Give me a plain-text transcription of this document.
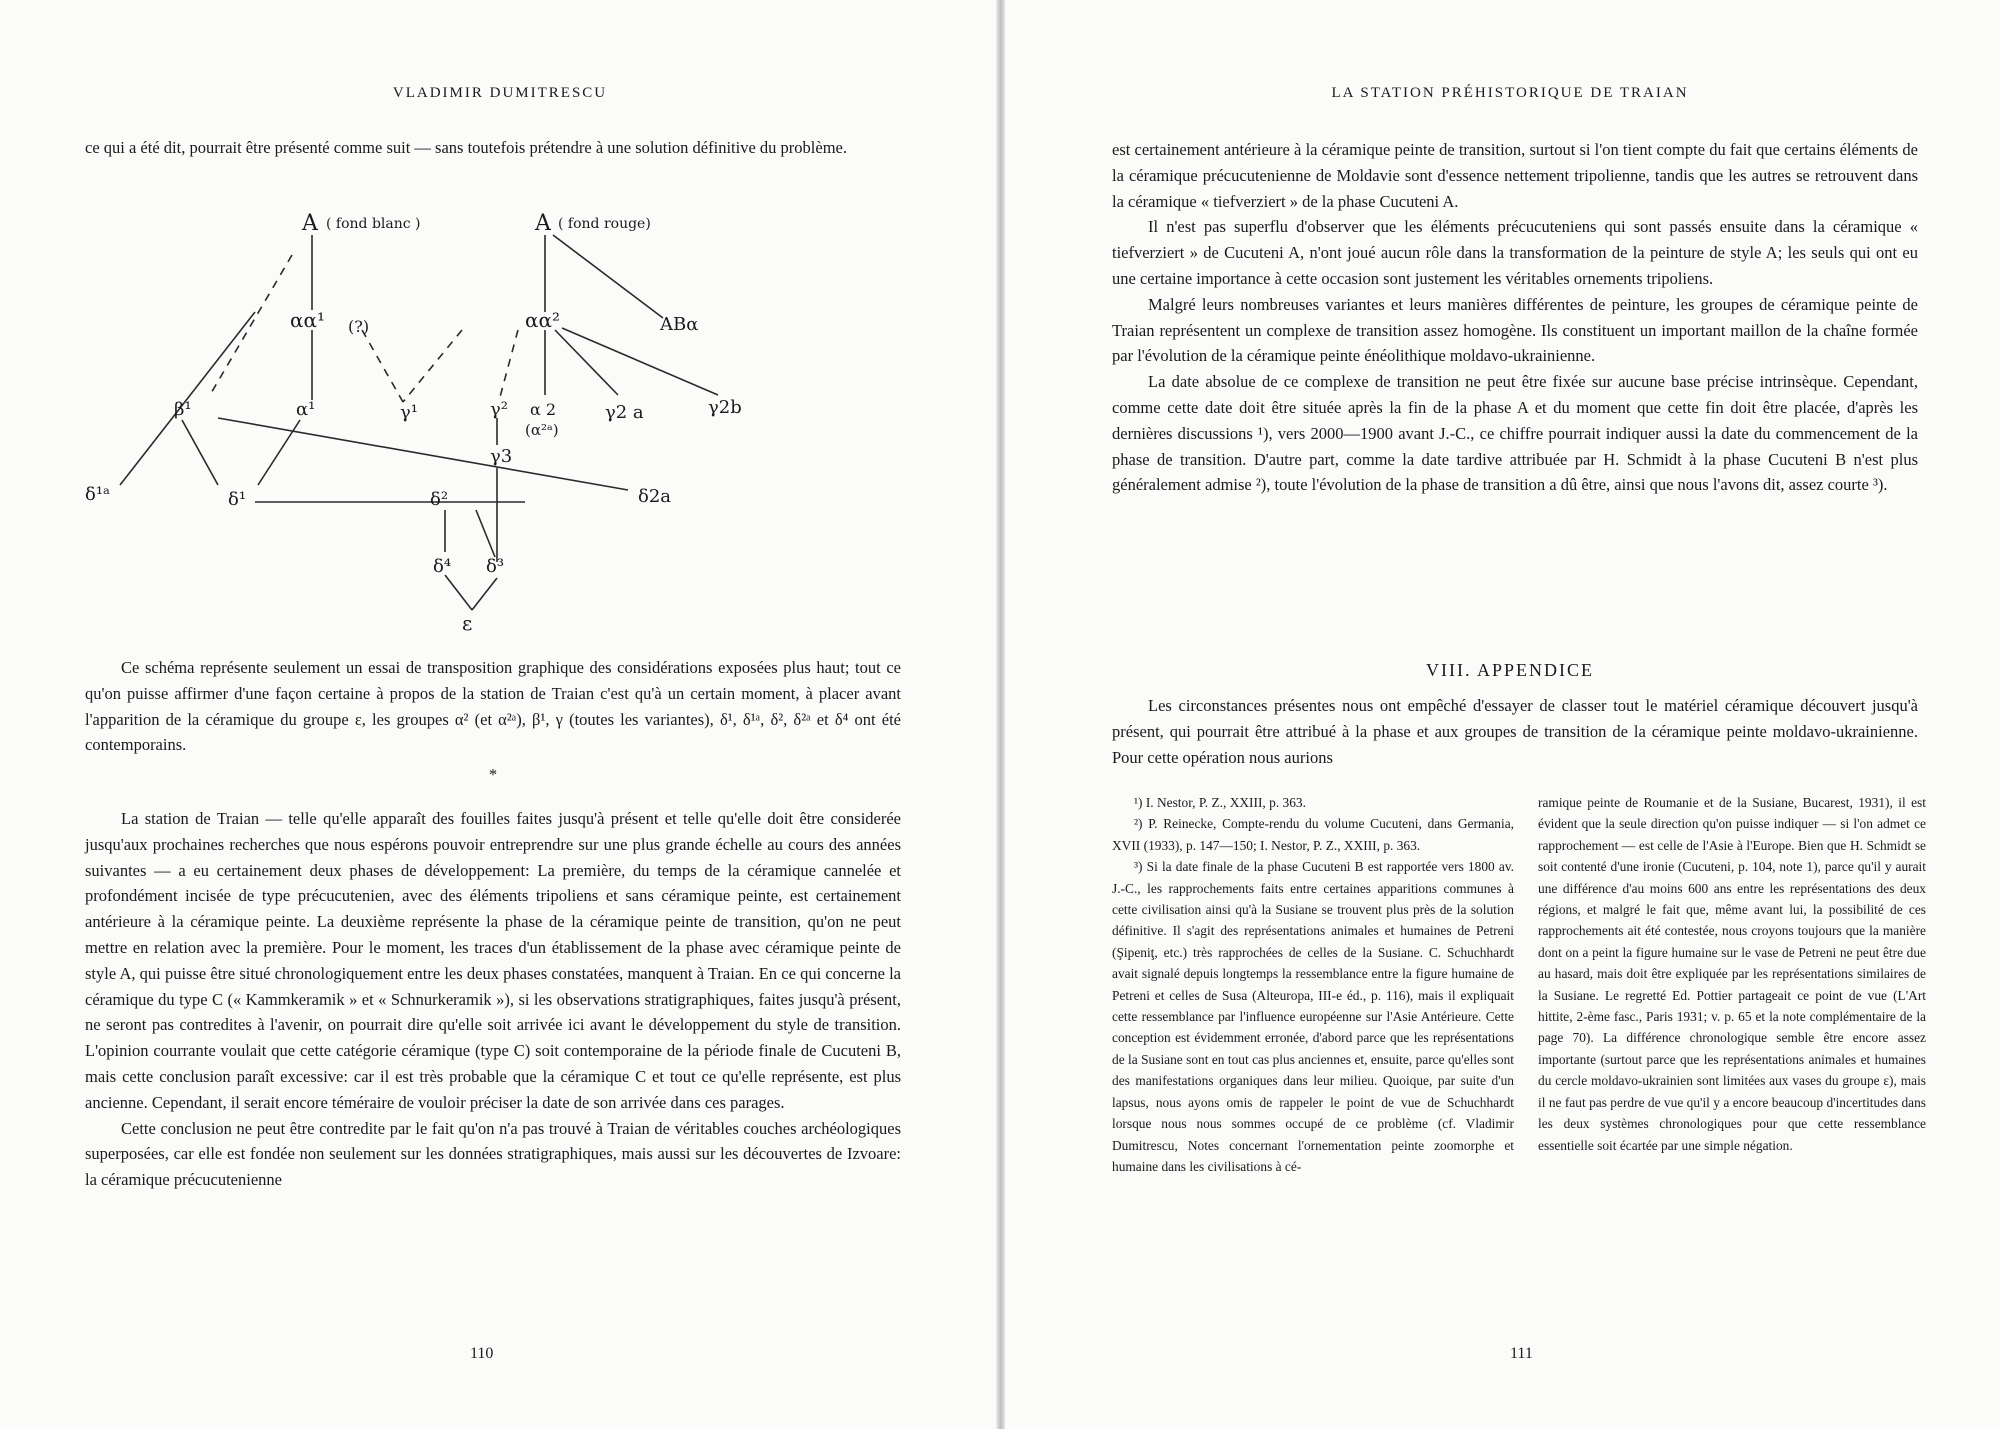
VLADIMIR DUMITRESCU

ce qui a été dit, pourrait être présenté comme suit — sans toutefois prétendre à une solution définitive du problème.

A ( fond blanc )	A ( fond rouge)
αα¹ (?)	αα²	ABα
β¹	α¹	γ¹	γ² α 2
(α²ᵃ)
γ2 a	γ2b
γ3
δ¹ᵃ	δ¹	δ²	δ2a
δ⁴ δ³
ε

Ce schéma représente seulement un essai de transposition graphique des considérations exposées plus haut; tout ce qu'on puisse affirmer d'une façon certaine à propos de la station de Traian c'est qu'à un certain moment, à placer avant l'apparition de la céramique du groupe ε, les groupes α² (et α²ᵃ), β¹, γ (toutes les variantes), δ¹, δ¹ᵃ, δ², δ²ᵃ et δ⁴ ont été contemporains.

*

La station de Traian — telle qu'elle apparaît des fouilles faites jusqu'à présent et telle qu'elle doit être considerée jusqu'aux prochaines recherches que nous espérons pouvoir entreprendre sur une plus grande échelle au cours des années suivantes — a eu certainement deux phases de développement: La première, du temps de la céramique cannelée et profondément incisée de type précucutenien, avec des éléments tripoliens et sans céramique peinte, est certainement antérieure à la céramique peinte. La deuxième représente la phase de la céramique peinte de transition, qu'on ne peut mettre en relation avec la première. Pour le moment, les traces d'un établissement de la phase avec céramique peinte de style A, qui puisse être situé chronologiquement entre les deux phases constatées, manquent à Traian. En ce qui concerne la céramique du type C (« Kammkeramik » et « Schnurkeramik »), si les observations stratigraphiques, faites jusqu'à présent, ne seront pas contredites à l'avenir, on pourrait dire qu'elle soit arrivée ici avant le développement du style de transition. L'opinion courrante voulait que cette catégorie céramique (type C) soit contemporaine de la période finale de Cucuteni B, mais cette conclusion paraît excessive: car il est très probable que la céramique C et tout ce qu'elle représente, est plus ancienne. Cependant, il serait encore téméraire de vouloir préciser la date de son arrivée dans ces parages.

Cette conclusion ne peut être contredite par le fait qu'on n'a pas trouvé à Traian de véritables couches archéologiques superposées, car elle est fondée non seulement sur les données stratigraphiques, mais aussi sur les découvertes de Izvoare: la céramique précucutenienne

110
LA STATION PRÉHISTORIQUE DE TRAIAN

est certainement antérieure à la céramique peinte de transition, surtout si l'on tient compte du fait que certains éléments de la céramique précucutenienne de Moldavie sont d'essence nettement tripolienne, tandis que les autres se retrouvent dans la céramique « tiefverziert » de la phase Cucuteni A.

Il n'est pas superflu d'observer que les éléments précucuteniens qui sont passés ensuite dans la céramique « tiefverziert » de Cucuteni A, n'ont joué aucun rôle dans la transformation de la peinture de style A; les seuls qui ont eu une certaine importance à cette occasion sont justement les véritables ornements tripoliens.

Malgré leurs nombreuses variantes et leurs manières différentes de peinture, les groupes de céramique peinte de Traian représentent un complexe de transition assez homogène. Ils constituent un important maillon de la chaîne formée par l'évolution de la céramique peinte énéolithique moldavo-ukrainienne.

La date absolue de ce complexe de transition ne peut être fixée sur aucune base précise intrinsèque. Cependant, comme cette date doit être située après la fin de la phase A et du moment que cette fin doit être placée, d'après les dernières discussions ¹), vers 2000—1900 avant J.-C., ce chiffre pourrait indiquer aussi la date du commencement de la phase de transition. D'autre part, comme la date tardive attribuée par H. Schmidt à la phase Cucuteni B n'est plus généralement admise ²), toute l'évolution de la phase de transition a dû être, ainsi que nous l'avons dit, assez courte ³).

VIII. APPENDICE

Les circonstances présentes nous ont empêché d'essayer de classer tout le matériel céramique découvert jusqu'à présent, qui pourrait être attribué à la phase et aux groupes de transition de la céramique peinte moldavo-ukrainienne. Pour cette opération nous aurions

¹) I. Nestor, P. Z., XXIII, p. 363.

²) P. Reinecke, Compte-rendu du volume Cucuteni, dans Germania, XVII (1933), p. 147—150; I. Nestor, P. Z., XXIII, p. 363.

³) Si la date finale de la phase Cucuteni B est rapportée vers 1800 av. J.-C., les rapprochements faits entre certaines apparitions communes à cette civilisation ainsi qu'à la Susiane se trouvent plus près de la solution définitive. Il s'agit des représentations animales et humaines de Petreni (Şipeniţ, etc.) très rapprochées de celles de la Susiane. C. Schuchhardt avait signalé depuis longtemps la ressemblance entre la figure humaine de Petreni et celles de Susa (Alteuropa, III-e éd., p. 116), mais il expliquait cette ressemblance par l'influence européenne sur l'Asie Antérieure. Cette conception est évidemment erronée, d'abord parce que les représentations de la Susiane sont en tout cas plus anciennes et, ensuite, parce qu'elles sont des manifestations organiques dans leur milieu. Quoique, par suite d'un lapsus, nous ayons omis de rappeler le point de vue de Schuchhardt lorsque nous nous sommes occupé de ce problème (cf. Vladimir Dumitrescu, Notes concernant l'ornementation peinte zoomorphe et humaine dans les civilisations à cé-

ramique peinte de Roumanie et de la Susiane, Bucarest, 1931), il est évident que la seule direction qu'on puisse indiquer — si l'on admet ce rapprochement — est celle de l'Asie à l'Europe. Bien que H. Schmidt se soit contenté d'une ironie (Cucuteni, p. 104, note 1), parce qu'il y aurait une différence d'au moins 600 ans entre les représentations des deux régions, et malgré le fait que, même avant lui, la possibilité de ces rapprochements ait été contestée, nous croyons toujours que la manière dont on a peint la figure humaine sur le vase de Petreni ne peut être due au hasard, mais doit être expliquée par les représentations similaires de la Susiane. Le regretté Ed. Pottier partageait ce point de vue (L'Art hittite, 2-ème fasc., Paris 1931; v. p. 65 et la note complémentaire de la page 70). La différence chronologique semble être encore assez importante (surtout parce que les représentations animales et humaines du cercle moldavo-ukrainien sont limitées aux vases du groupe ε), mais il ne faut pas perdre de vue qu'il y a encore beaucoup d'incertitudes dans les deux systèmes chronologiques pour que cette ressemblance essentielle soit écartée par une simple négation.

111
